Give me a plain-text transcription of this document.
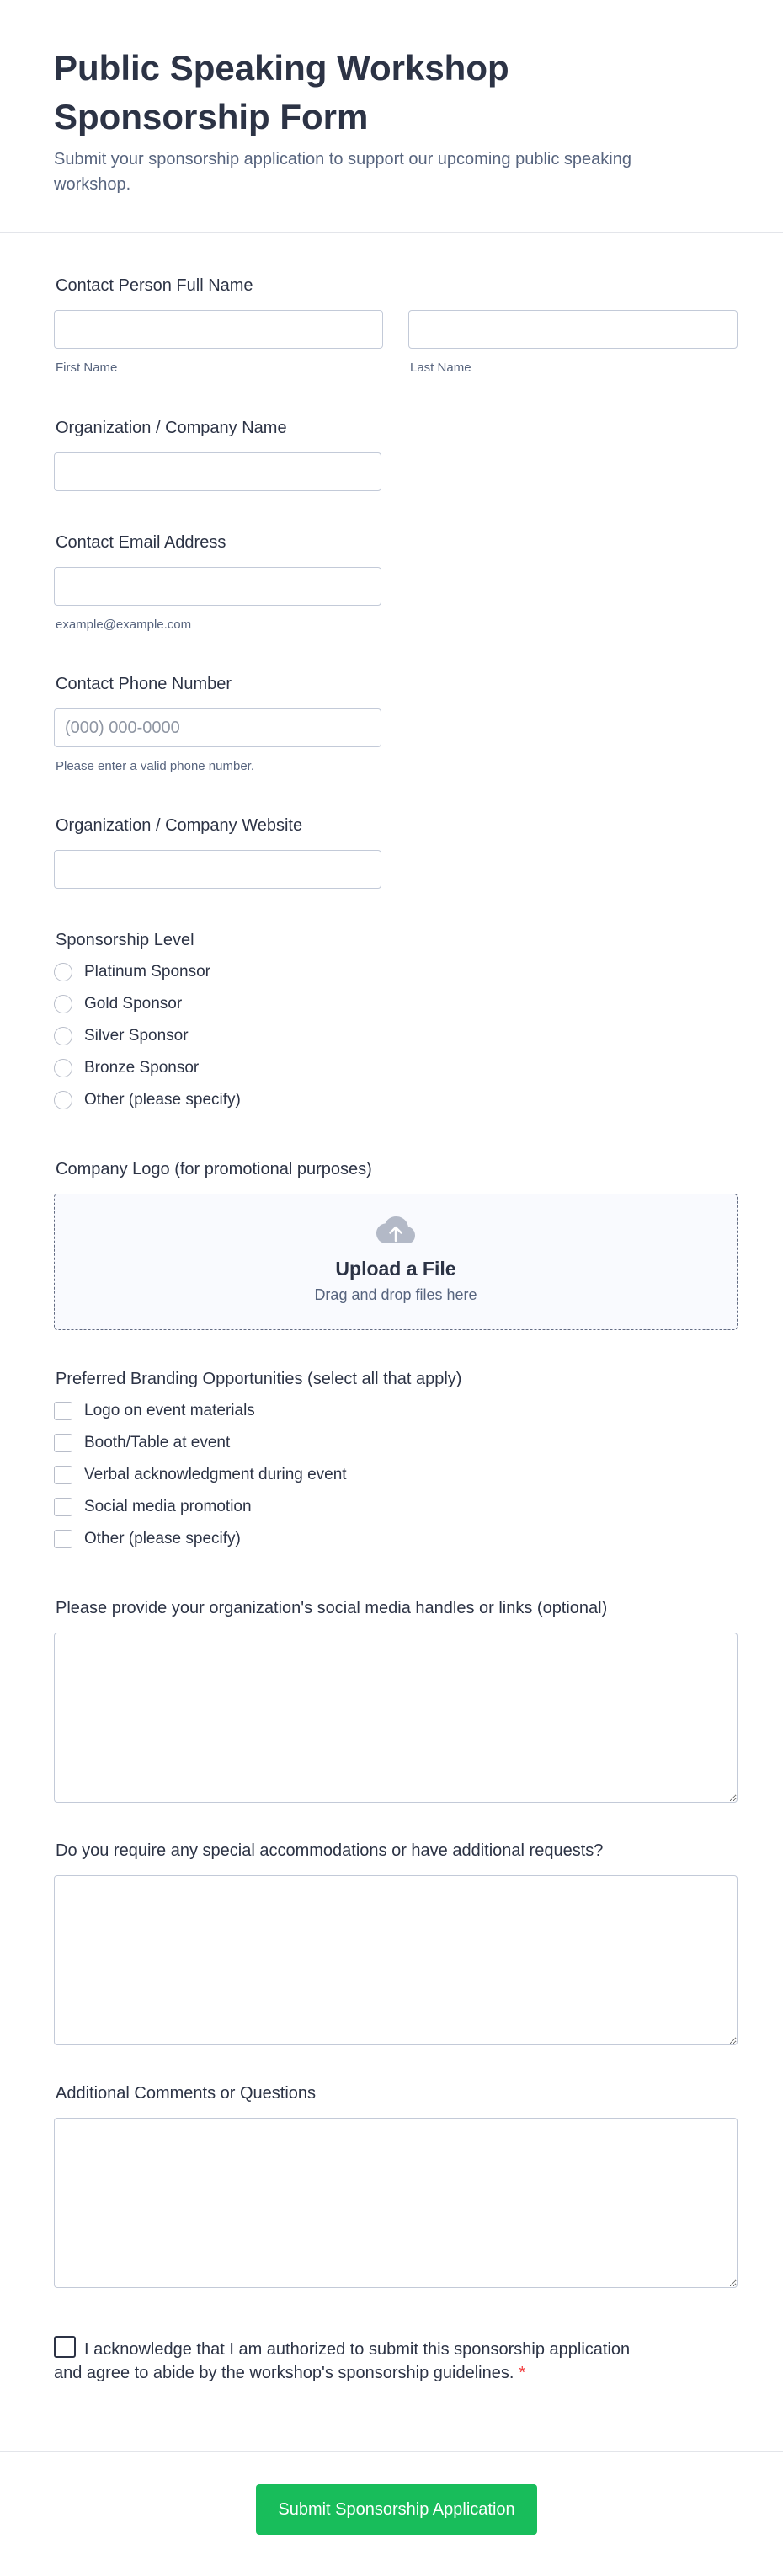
Public Speaking Workshop Sponsorship Form

Submit your sponsorship application to support our upcoming public speaking workshop.

Contact Person Full Name
First Name	Last Name
Organization / Company Name
Contact Email Address
example@example.com
Contact Phone Number
(000) 000-0000
Please enter a valid phone number.
Organization / Company Website
Sponsorship Level
Platinum Sponsor
Gold Sponsor
Silver Sponsor
Bronze Sponsor
Other (please specify)
Company Logo (for promotional purposes)
Upload a File
Drag and drop files here
Preferred Branding Opportunities (select all that apply)
Logo on event materials
Booth/Table at event
Verbal acknowledgment during event
Social media promotion
Other (please specify)
Please provide your organization's social media handles or links (optional)
Do you require any special accommodations or have additional requests?
Additional Comments or Questions
I acknowledge that I am authorized to submit this sponsorship application and agree to abide by the workshop's sponsorship guidelines. *
Submit Sponsorship Application
